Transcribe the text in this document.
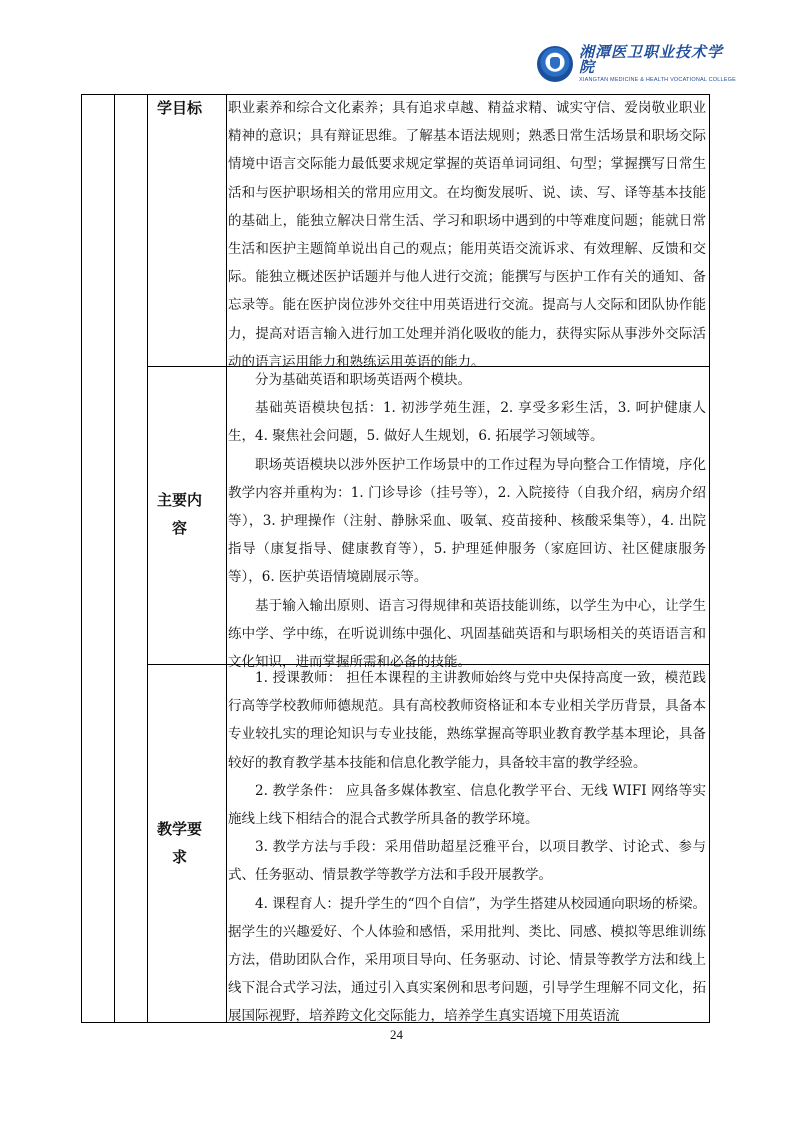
湘潭医卫职业技术学院
XIANGTAN MEDICINE & HEALTH VOCATIONAL COLLEGE
学目标	职业素养和综合文化素养；具有追求卓越、精益求精、诚实守信、爱岗敬业职业精神的意识；具有辩证思维。了解基本语法规则；熟悉日常生活场景和职场交际情境中语言交际能力最低要求规定掌握的英语单词词组、句型；掌握撰写日常生活和与医护职场相关的常用应用文。在均衡发展听、说、读、写、译等基本技能的基础上，能独立解决日常生活、学习和职场中遇到的中等难度问题；能就日常生活和医护主题简单说出自己的观点；能用英语交流诉求、有效理解、反馈和交际。能独立概述医护话题并与他人进行交流；能撰写与医护工作有关的通知、备忘录等。能在医护岗位涉外交往中用英语进行交流。提高与人交际和团队协作能力，提高对语言输入进行加工处理并消化吸收的能力，获得实际从事涉外交际活动的语言运用能力和熟练运用英语的能力。

主要内
容

分为基础英语和职场英语两个模块。

基础英语模块包括：1. 初涉学苑生涯，2. 享受多彩生活，3. 呵护健康人生，4. 聚焦社会问题，5. 做好人生规划，6. 拓展学习领域等。

职场英语模块以涉外医护工作场景中的工作过程为导向整合工作情境，序化教学内容并重构为：1. 门诊导诊（挂号等），2. 入院接待（自我介绍，病房介绍等），3. 护理操作（注射、静脉采血、吸氧、疫苗接种、核酸采集等），4. 出院指导（康复指导、健康教育等），5. 护理延伸服务（家庭回访、社区健康服务等），6. 医护英语情境剧展示等。

基于输入输出原则、语言习得规律和英语技能训练，以学生为中心，让学生练中学、学中练，在听说训练中强化、巩固基础英语和与职场相关的英语语言和文化知识，进而掌握所需和必备的技能。

教学要
求

1. 授课教师： 担任本课程的主讲教师始终与党中央保持高度一致，模范践行高等学校教师师德规范。具有高校教师资格证和本专业相关学历背景，具备本专业较扎实的理论知识与专业技能，熟练掌握高等职业教育教学基本理论，具备较好的教育教学基本技能和信息化教学能力，具备较丰富的教学经验。

2. 教学条件： 应具备多媒体教室、信息化教学平台、无线 WIFI 网络等实施线上线下相结合的混合式教学所具备的教学环境。

3. 教学方法与手段：采用借助超星泛雅平台，以项目教学、讨论式、参与式、任务驱动、情景教学等教学方法和手段开展教学。

4. 课程育人：提升学生的“四个自信”，为学生搭建从校园通向职场的桥梁。据学生的兴趣爱好、个人体验和感悟，采用批判、类比、同感、模拟等思维训练方法，借助团队合作，采用项目导向、任务驱动、讨论、情景等教学方法和线上线下混合式学习法，通过引入真实案例和思考问题，引导学生理解不同文化，拓展国际视野，培养跨文化交际能力，培养学生真实语境下用英语流

24
